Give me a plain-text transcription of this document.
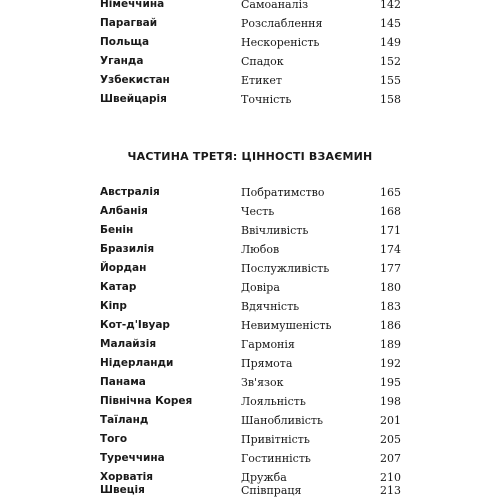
Німеччина	Самоаналіз	142
Парагвай	Розслаблення	145
Польща	Нескореність	149
Уганда	Спадок	152
Узбекистан	Етикет	155
Швейцарія	Точність	158
ЧАСТИНА ТРЕТЯ: ЦІННОСТІ ВЗАЄМИН
Австралія	Побратимство	165
Албанія	Честь	168
Бенін	Ввічливість	171
Бразилія	Любов	174
Йордан	Послужливість	177
Катар	Довіра	180
Кіпр	Вдячність	183
Кот-д'Івуар	Невимушеність	186
Малайзія	Гармонія	189
Нідерланди	Прямота	192
Панама	Зв'язок	195
Північна Корея	Лояльність	198
Таїланд	Шанобливість	201
Того	Привітність	205
Туреччина	Гостинність	207
Хорватія	Дружба	210
Швеція	Співпраця	213
